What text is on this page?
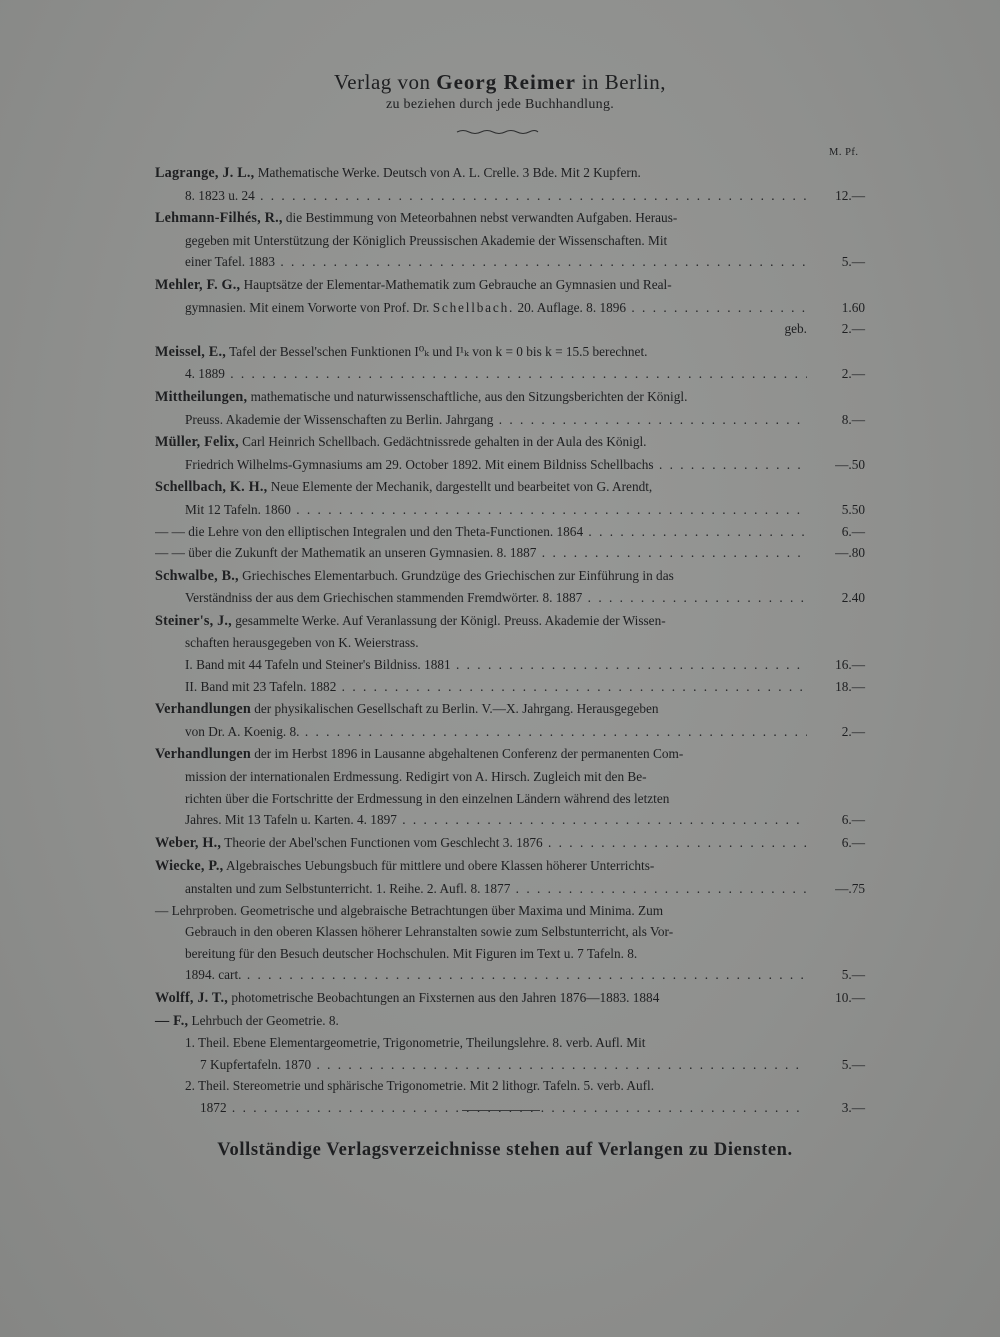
Verlag von Georg Reimer in Berlin,
zu beziehen durch jede Buchhandlung.
M. Pf.
Lagrange, J. L., Mathematische Werke. Deutsch von A. L. Crelle. 3 Bde. Mit 2 Kupfern.
8. 1823 u. 24 . . .	12.—
Lehmann-Filhés, R., die Bestimmung von Meteorbahnen nebst verwandten Aufgaben. Heraus-
gegeben mit Unterstützung der Königlich Preussischen Akademie der Wissenschaften. Mit
einer Tafel. 1883 . . .	5.—
Mehler, F. G., Hauptsätze der Elementar-Mathematik zum Gebrauche an Gymnasien und Real-
gymnasien. Mit einem Vorworte von Prof. Dr. Schellbach. 20. Auflage. 8. 1896 . . .	1.60
geb.	2.—
Meissel, E., Tafel der Bessel'schen Funktionen I⁰ₖ und I¹ₖ von k = 0 bis k = 15.5 berechnet.
4. 1889 . . .	2.—
Mittheilungen, mathematische und naturwissenschaftliche, aus den Sitzungsberichten der Königl.
Preuss. Akademie der Wissenschaften zu Berlin. Jahrgang . . .	8.—
Müller, Felix, Carl Heinrich Schellbach. Gedächtnissrede gehalten in der Aula des Königl.
Friedrich Wilhelms-Gymnasiums am 29. October 1892. Mit einem Bildniss Schellbachs . . .	—.50
Schellbach, K. H., Neue Elemente der Mechanik, dargestellt und bearbeitet von G. Arendt,
Mit 12 Tafeln. 1860 . . .	5.50
— — die Lehre von den elliptischen Integralen und den Theta-Functionen. 1864 . . .	6.—
— — über die Zukunft der Mathematik an unseren Gymnasien. 8. 1887 . . .	—.80
Schwalbe, B., Griechisches Elementarbuch. Grundzüge des Griechischen zur Einführung in das
Verständniss der aus dem Griechischen stammenden Fremdwörter. 8. 1887 . . .	2.40
Steiner's, J., gesammelte Werke. Auf Veranlassung der Königl. Preuss. Akademie der Wissen-
schaften herausgegeben von K. Weierstrass.
I. Band mit 44 Tafeln und Steiner's Bildniss. 1881 . . .	16.—
II. Band mit 23 Tafeln. 1882 . . .	18.—
Verhandlungen der physikalischen Gesellschaft zu Berlin. V.—X. Jahrgang. Herausgegeben
von Dr. A. Koenig. 8. . . .	2.—
Verhandlungen der im Herbst 1896 in Lausanne abgehaltenen Conferenz der permanenten Com-
mission der internationalen Erdmessung. Redigirt von A. Hirsch. Zugleich mit den Be-
richten über die Fortschritte der Erdmessung in den einzelnen Ländern während des letzten
Jahres. Mit 13 Tafeln u. Karten. 4. 1897 . . .	6.—
Weber, H., Theorie der Abel'schen Functionen vom Geschlecht 3. 1876 . . .	6.—
Wiecke, P., Algebraisches Uebungsbuch für mittlere und obere Klassen höherer Unterrichts-
anstalten und zum Selbstunterricht. 1. Reihe. 2. Aufl. 8. 1877 . . .	—.75
— Lehrproben. Geometrische und algebraische Betrachtungen über Maxima und Minima. Zum
Gebrauch in den oberen Klassen höherer Lehranstalten sowie zum Selbstunterricht, als Vor-
bereitung für den Besuch deutscher Hochschulen. Mit Figuren im Text u. 7 Tafeln. 8.
1894. cart. . . .	5.—
Wolff, J. T., photometrische Beobachtungen an Fixsternen aus den Jahren 1876—1883. 1884	10.—
— F., Lehrbuch der Geometrie. 8.
1. Theil. Ebene Elementargeometrie, Trigonometrie, Theilungslehre. 8. verb. Aufl. Mit
7 Kupfertafeln. 1870 . . .	5.—
2. Theil. Stereometrie und sphärische Trigonometrie. Mit 2 lithogr. Tafeln. 5. verb. Aufl.
1872 . . .	3.—
Vollständige Verlagsverzeichnisse stehen auf Verlangen zu Diensten.
